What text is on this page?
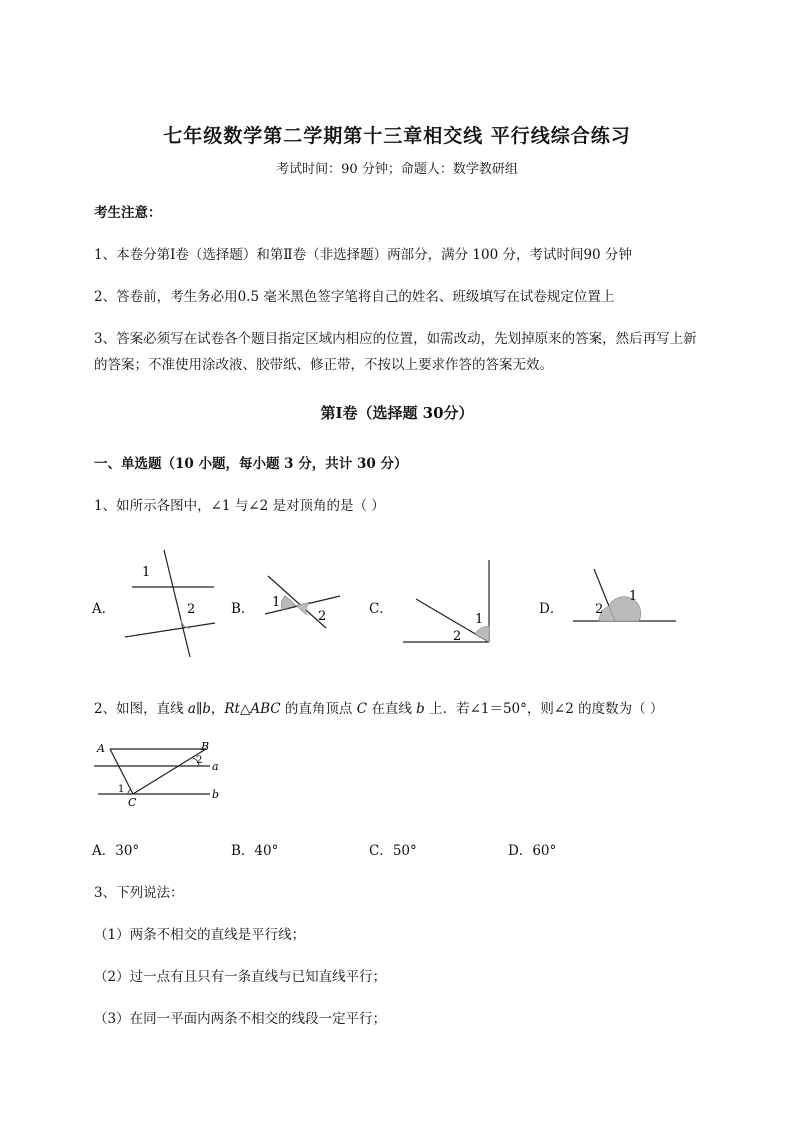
七年级数学第二学期第十三章相交线 平行线综合练习
考试时间：90 分钟；命题人：数学教研组
考生注意：
1、本卷分第Ⅰ卷（选择题）和第Ⅱ卷（非选择题）两部分，满分 100 分，考试时间90 分钟
2、答卷前，考生务必用0.5 毫米黑色签字笔将自己的姓名、班级填写在试卷规定位置上
3、答案必须写在试卷各个题目指定区域内相应的位置，如需改动，先划掉原来的答案，然后再写上新
的答案；不准使用涂改液、胶带纸、修正带，不按以上要求作答的答案无效。
第Ⅰ卷（选择题 30分）
一、单选题（10 小题，每小题 3 分，共计 30 分）
1、如所示各图中，∠1 与∠2 是对顶角的是（ ）
A．	B．	C．	D．
1
2	1
2	1
2
1
2
2、如图，直线 a∥b，Rt△ABC 的直角顶点 C 在直线 b 上．若∠1＝50°，则∠2 的度数为（ ）
A	B
C
a
b
1
2
A．30°	B．40°	C．50°	D．60°
3、下列说法：
（1）两条不相交的直线是平行线；
（2）过一点有且只有一条直线与已知直线平行；
（3）在同一平面内两条不相交的线段一定平行；
